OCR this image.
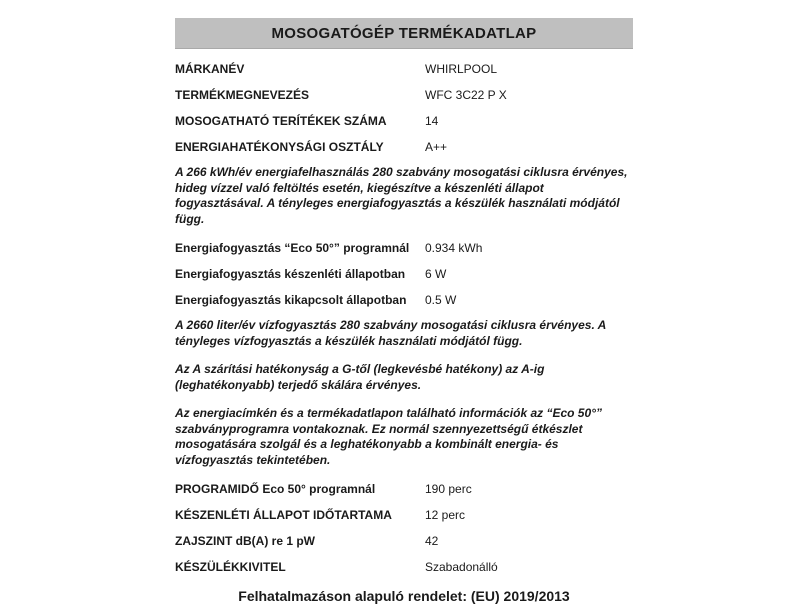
MOSOGATÓGÉP TERMÉKADATLAP
MÁRKANÉV	WHIRLPOOL
TERMÉKMEGNEVEZÉS	WFC 3C22 P X
MOSOGATHATÓ TERÍTÉKEK SZÁMA	14
ENERGIAHATÉKONYSÁGI OSZTÁLY	A++

A 266 kWh/év energiafelhasználás 280 szabvány mosogatási ciklusra érvényes, hideg vízzel való feltöltés esetén, kiegészítve a készenléti állapot fogyasztásával. A tényleges energiafogyasztás a készülék használati módjától függ.

Energiafogyasztás “Eco 50°” programnál	0.934 kWh
Energiafogyasztás készenléti állapotban	6 W
Energiafogyasztás kikapcsolt állapotban	0.5 W

A 2660 liter/év vízfogyasztás 280 szabvány mosogatási ciklusra érvényes. A tényleges vízfogyasztás a készülék használati módjától függ.

Az A szárítási hatékonyság a G-től (legkevésbé hatékony) az A-ig (leghatékonyabb) terjedő skálára érvényes.

Az energiacímkén és a termékadatlapon található információk az “Eco 50°” szabványprogramra vontakoznak. Ez normál szennyezettségű étkészlet mosogatására szolgál és a leghatékonyabb a kombinált energia- és vízfogyasztás tekintetében.

PROGRAMIDŐ Eco 50° programnál	190 perc
KÉSZENLÉTI ÁLLAPOT IDŐTARTAMA	12 perc
ZAJSZINT dB(A) re 1 pW	42
KÉSZÜLÉKKIVITEL	Szabadonálló
Felhatalmazáson alapuló rendelet: (EU) 2019/2013
